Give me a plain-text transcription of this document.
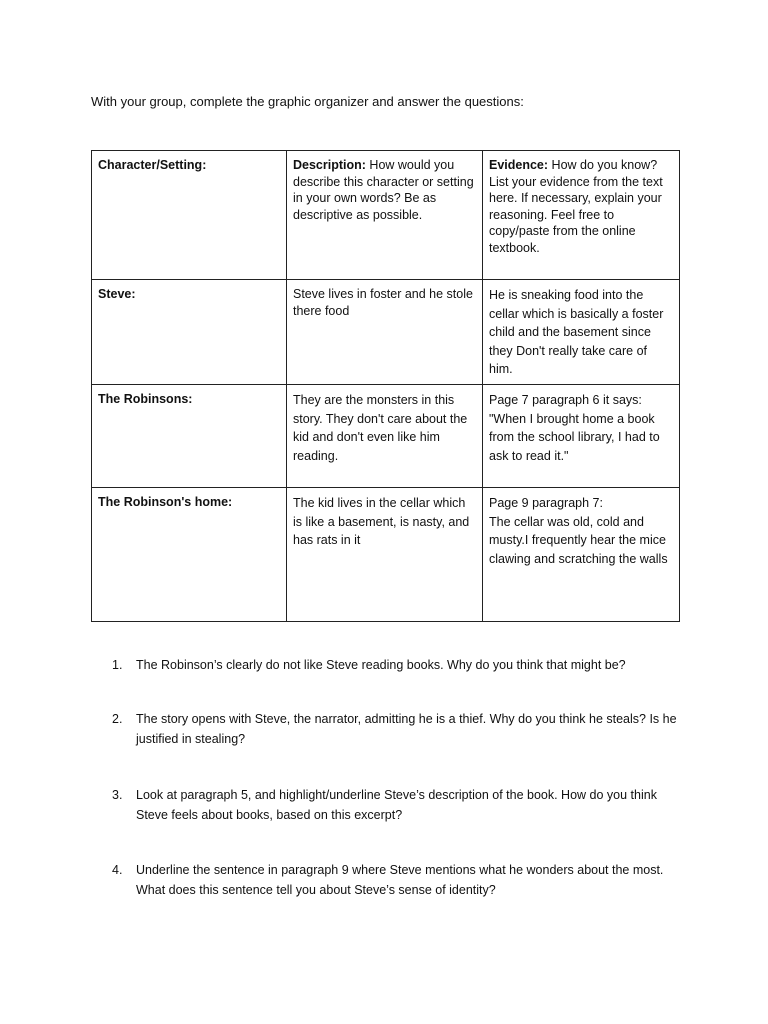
With your group, complete the graphic organizer and answer the questions:
Character/Setting:	Description: How would you describe this character or setting in your own words? Be as descriptive as possible.	Evidence: How do you know? List your evidence from the text here. If necessary, explain your reasoning. Feel free to copy/paste from the online textbook.
Steve:	Steve lives in foster and he stole there food	He is sneaking food into the cellar which is basically a foster child and the basement since they Don't really take care of him.
The Robinsons:	They are the monsters in this story. They don't care about the kid and don't even like him reading.	Page 7 paragraph 6 it says: "When I brought home a book from the school library, I had to ask to read it."
The Robinson's home:	The kid lives in the cellar which is like a basement, is nasty, and has rats in it	Page 9 paragraph 7:
The cellar was old, cold and musty.I frequently hear the mice clawing and scratching the walls
1. The Robinson’s clearly do not like Steve reading books. Why do you think that might be?
2. The story opens with Steve, the narrator, admitting he is a thief. Why do you think he steals? Is he justified in stealing?
3. Look at paragraph 5, and highlight/underline Steve’s description of the book. How do you think Steve feels about books, based on this excerpt?
4. Underline the sentence in paragraph 9 where Steve mentions what he wonders about the most. What does this sentence tell you about Steve’s sense of identity?
